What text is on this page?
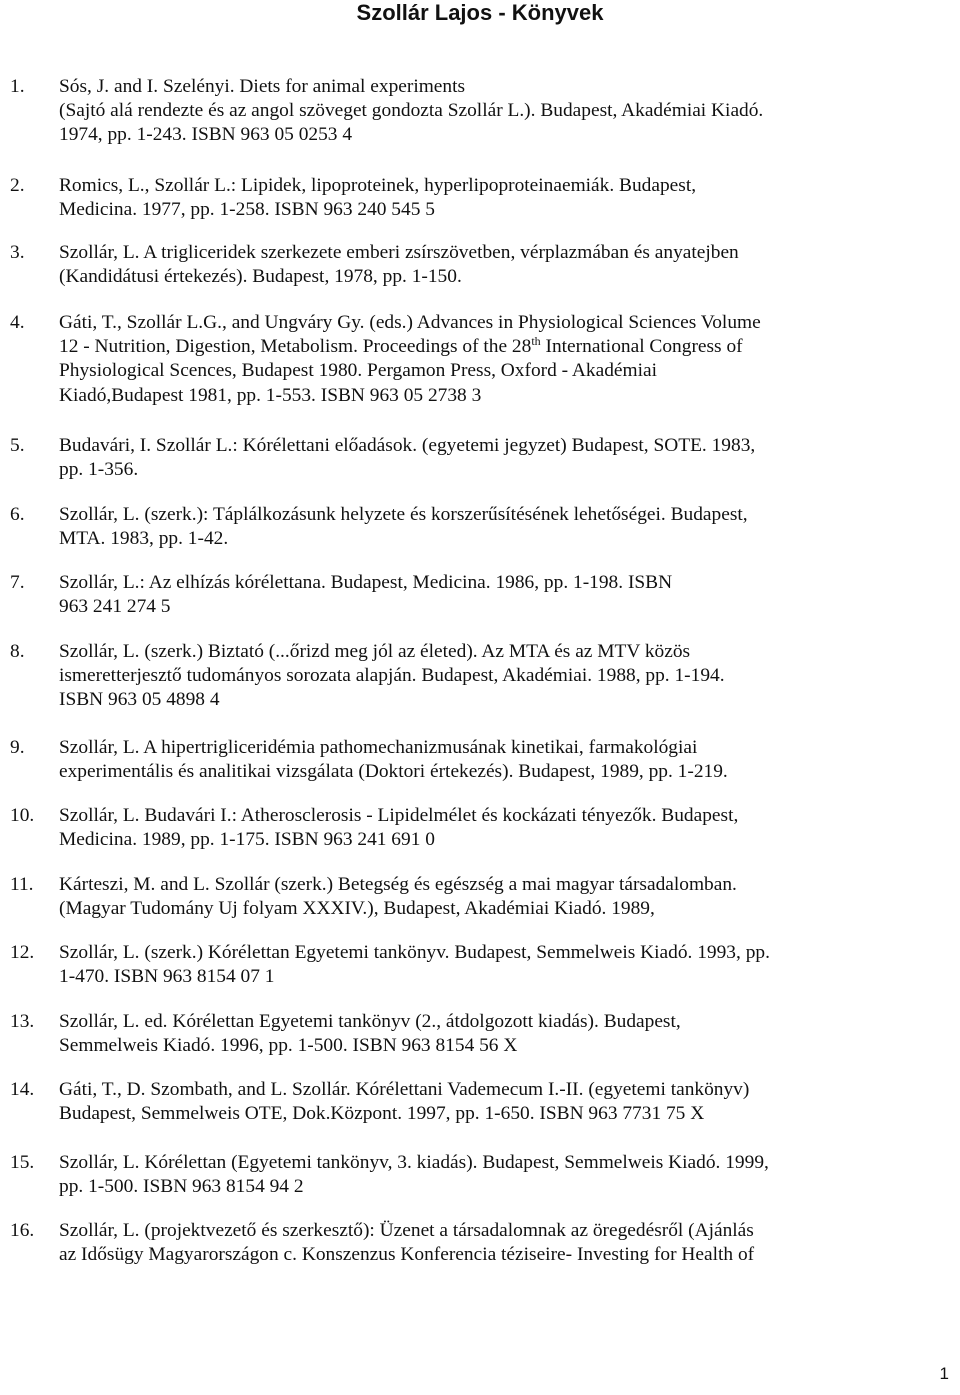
Szollár Lajos - Könyvek
1. Sós, J. and I. Szelényi. Diets for animal experiments
(Sajtó alá rendezte és az angol szöveget gondozta Szollár L.). Budapest, Akadémiai Kiadó.
1974, pp. 1-243. ISBN 963 05 0253 4
2. Romics, L., Szollár L.: Lipidek, lipoproteinek, hyperlipoproteinaemiák. Budapest,
Medicina. 1977, pp. 1-258. ISBN 963 240 545 5
3. Szollár, L. A trigliceridek szerkezete emberi zsírszövetben, vérplazmában és anyatejben
(Kandidátusi értekezés). Budapest, 1978, pp. 1-150.
4. Gáti, T., Szollár L.G., and Ungváry Gy. (eds.) Advances in Physiological Sciences Volume
12 - Nutrition, Digestion, Metabolism. Proceedings of the 28th International Congress of
Physiological Scences, Budapest 1980. Pergamon Press, Oxford - Akadémiai
Kiadó,Budapest 1981, pp. 1-553. ISBN 963 05 2738 3
5. Budavári, I. Szollár L.: Kórélettani előadások. (egyetemi jegyzet) Budapest, SOTE. 1983,
pp. 1-356.
6. Szollár, L. (szerk.): Táplálkozásunk helyzete és korszerűsítésének lehetőségei. Budapest,
MTA. 1983, pp. 1-42.
7. Szollár, L.: Az elhízás kórélettana. Budapest, Medicina. 1986, pp. 1-198. ISBN
963 241 274 5
8. Szollár, L. (szerk.) Biztató (...őrizd meg jól az életed). Az MTA és az MTV közös
ismeretterjesztő tudományos sorozata alapján. Budapest, Akadémiai. 1988, pp. 1-194.
ISBN 963 05 4898 4
9. Szollár, L. A hipertrigliceridémia pathomechanizmusának kinetikai, farmakológiai
experimentális és analitikai vizsgálata (Doktori értekezés). Budapest, 1989, pp. 1-219.
10. Szollár, L. Budavári I.: Atherosclerosis - Lipidelmélet és kockázati tényezők. Budapest,
Medicina. 1989, pp. 1-175. ISBN 963 241 691 0
11. Kárteszi, M. and L. Szollár (szerk.) Betegség és egészség a mai magyar társadalomban.
(Magyar Tudomány Uj folyam XXXIV.), Budapest, Akadémiai Kiadó. 1989,
12. Szollár, L. (szerk.) Kórélettan Egyetemi tankönyv. Budapest, Semmelweis Kiadó. 1993, pp.
1-470. ISBN 963 8154 07 1
13. Szollár, L. ed. Kórélettan Egyetemi tankönyv (2., átdolgozott kiadás). Budapest,
Semmelweis Kiadó. 1996, pp. 1-500. ISBN 963 8154 56 X
14. Gáti, T., D. Szombath, and L. Szollár. Kórélettani Vademecum I.-II. (egyetemi tankönyv)
Budapest, Semmelweis OTE, Dok.Központ. 1997, pp. 1-650. ISBN 963 7731 75 X
15. Szollár, L. Kórélettan (Egyetemi tankönyv, 3. kiadás). Budapest, Semmelweis Kiadó. 1999,
pp. 1-500. ISBN 963 8154 94 2
16. Szollár, L. (projektvezető és szerkesztő): Üzenet a társadalomnak az öregedésről (Ajánlás
az Idősügy Magyarországon c. Konszenzus Konferencia téziseire- Investing for Health of
1
